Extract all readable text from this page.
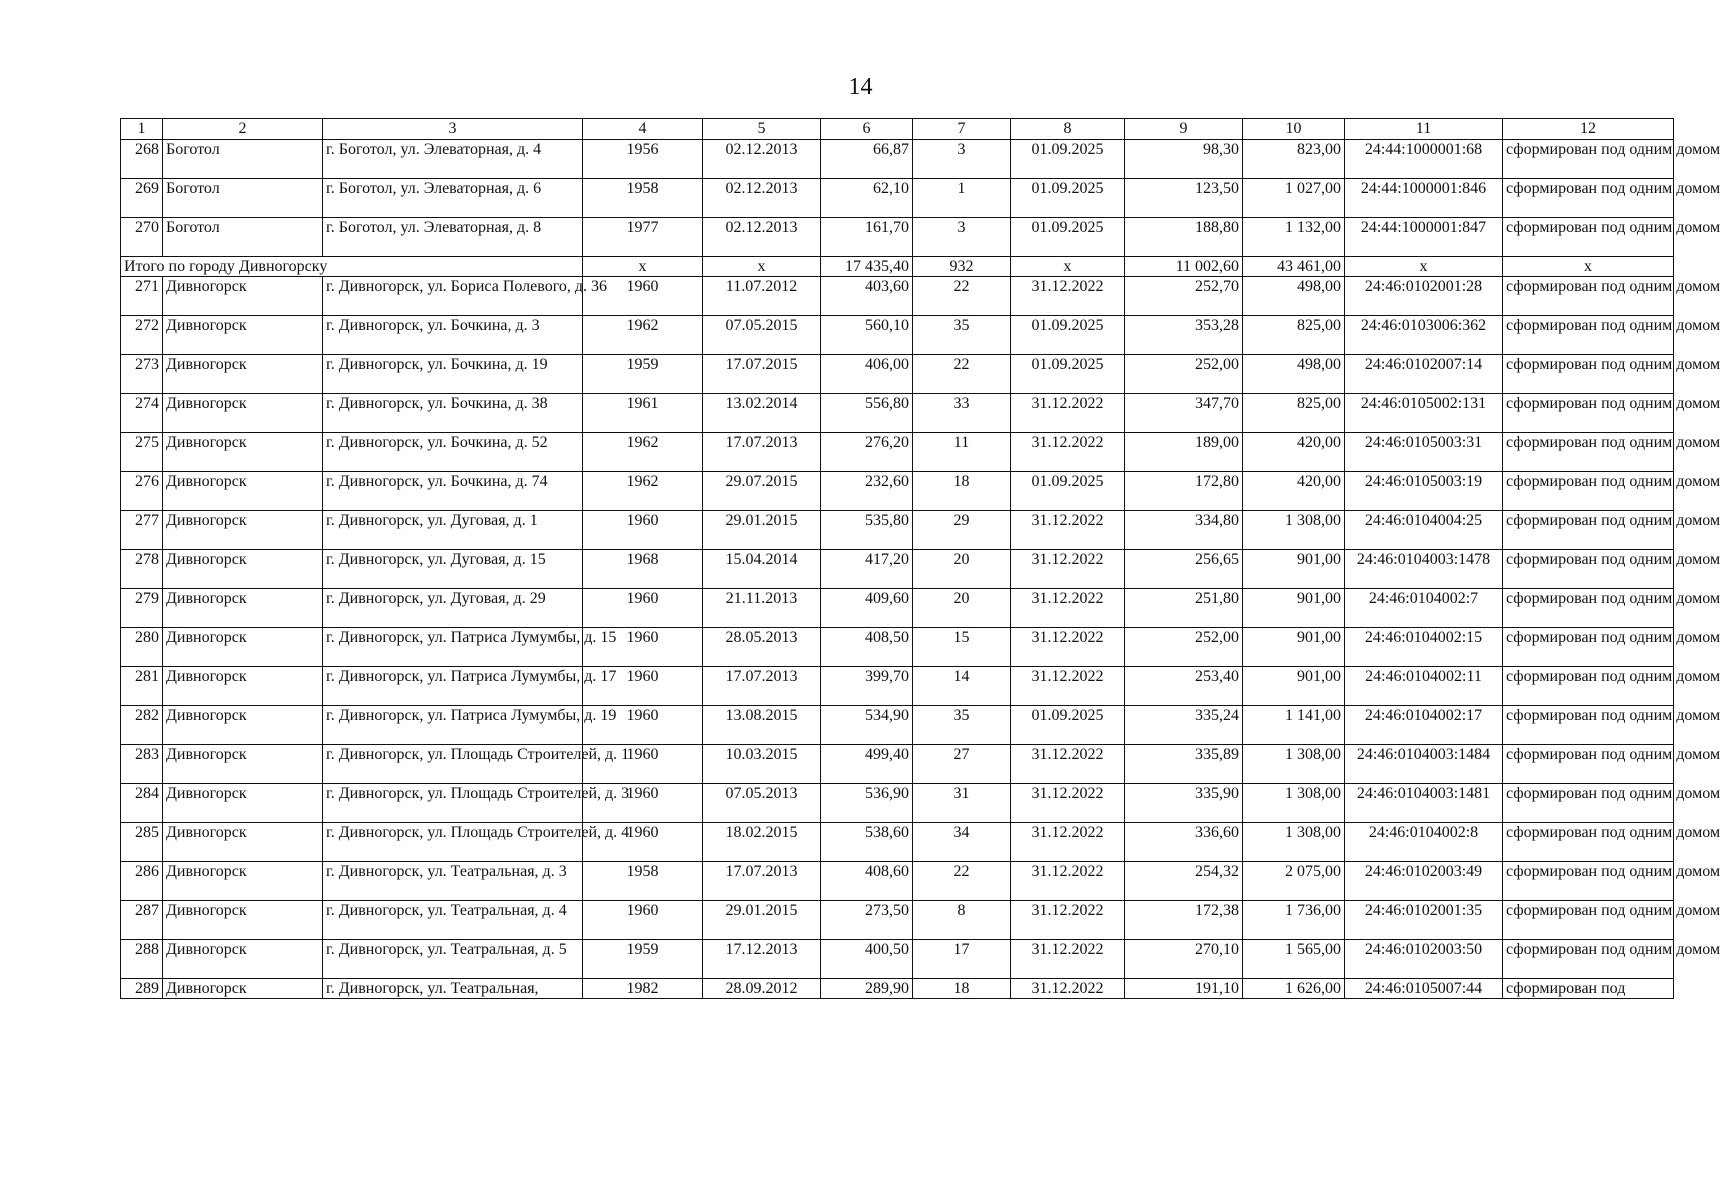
14
1	2	3	4	5	6	7	8	9	10	11	12
268	Боготол	г. Боготол, ул. Элеваторная, д. 4	1956	02.12.2013	66,87	3	01.09.2025	98,30	823,00	24:44:1000001:68	сформирован под одним домом
269	Боготол	г. Боготол, ул. Элеваторная, д. 6	1958	02.12.2013	62,10	1	01.09.2025	123,50	1 027,00	24:44:1000001:846	сформирован под одним домом
270	Боготол	г. Боготол, ул. Элеваторная, д. 8	1977	02.12.2013	161,70	3	01.09.2025	188,80	1 132,00	24:44:1000001:847	сформирован под одним домом
Итого по городу Дивногорску			x	x	17 435,40	932	x	11 002,60	43 461,00	x	x
271	Дивногорск	г. Дивногорск, ул. Бориса Полевого, д. 36	1960	11.07.2012	403,60	22	31.12.2022	252,70	498,00	24:46:0102001:28	сформирован под одним домом
272	Дивногорск	г. Дивногорск, ул. Бочкина, д. 3	1962	07.05.2015	560,10	35	01.09.2025	353,28	825,00	24:46:0103006:362	сформирован под одним домом
273	Дивногорск	г. Дивногорск, ул. Бочкина, д. 19	1959	17.07.2015	406,00	22	01.09.2025	252,00	498,00	24:46:0102007:14	сформирован под одним домом
274	Дивногорск	г. Дивногорск, ул. Бочкина, д. 38	1961	13.02.2014	556,80	33	31.12.2022	347,70	825,00	24:46:0105002:131	сформирован под одним домом
275	Дивногорск	г. Дивногорск, ул. Бочкина, д. 52	1962	17.07.2013	276,20	11	31.12.2022	189,00	420,00	24:46:0105003:31	сформирован под одним домом
276	Дивногорск	г. Дивногорск, ул. Бочкина, д. 74	1962	29.07.2015	232,60	18	01.09.2025	172,80	420,00	24:46:0105003:19	сформирован под одним домом
277	Дивногорск	г. Дивногорск, ул. Дуговая, д. 1	1960	29.01.2015	535,80	29	31.12.2022	334,80	1 308,00	24:46:0104004:25	сформирован под одним домом
278	Дивногорск	г. Дивногорск, ул. Дуговая, д. 15	1968	15.04.2014	417,20	20	31.12.2022	256,65	901,00	24:46:0104003:1478	сформирован под одним домом
279	Дивногорск	г. Дивногорск, ул. Дуговая, д. 29	1960	21.11.2013	409,60	20	31.12.2022	251,80	901,00	24:46:0104002:7	сформирован под одним домом
280	Дивногорск	г. Дивногорск, ул. Патриса Лумумбы, д. 15	1960	28.05.2013	408,50	15	31.12.2022	252,00	901,00	24:46:0104002:15	сформирован под одним домом
281	Дивногорск	г. Дивногорск, ул. Патриса Лумумбы, д. 17	1960	17.07.2013	399,70	14	31.12.2022	253,40	901,00	24:46:0104002:11	сформирован под одним домом
282	Дивногорск	г. Дивногорск, ул. Патриса Лумумбы, д. 19	1960	13.08.2015	534,90	35	01.09.2025	335,24	1 141,00	24:46:0104002:17	сформирован под одним домом
283	Дивногорск	г. Дивногорск, ул. Площадь Строителей, д. 1	1960	10.03.2015	499,40	27	31.12.2022	335,89	1 308,00	24:46:0104003:1484	сформирован под одним домом
284	Дивногорск	г. Дивногорск, ул. Площадь Строителей, д. 3	1960	07.05.2013	536,90	31	31.12.2022	335,90	1 308,00	24:46:0104003:1481	сформирован под одним домом
285	Дивногорск	г. Дивногорск, ул. Площадь Строителей, д. 4	1960	18.02.2015	538,60	34	31.12.2022	336,60	1 308,00	24:46:0104002:8	сформирован под одним домом
286	Дивногорск	г. Дивногорск, ул. Театральная, д. 3	1958	17.07.2013	408,60	22	31.12.2022	254,32	2 075,00	24:46:0102003:49	сформирован под одним домом
287	Дивногорск	г. Дивногорск, ул. Театральная, д. 4	1960	29.01.2015	273,50	8	31.12.2022	172,38	1 736,00	24:46:0102001:35	сформирован под одним домом
288	Дивногорск	г. Дивногорск, ул. Театральная, д. 5	1959	17.12.2013	400,50	17	31.12.2022	270,10	1 565,00	24:46:0102003:50	сформирован под одним домом
289	Дивногорск	г. Дивногорск, ул. Театральная,	1982	28.09.2012	289,90	18	31.12.2022	191,10	1 626,00	24:46:0105007:44	сформирован под
